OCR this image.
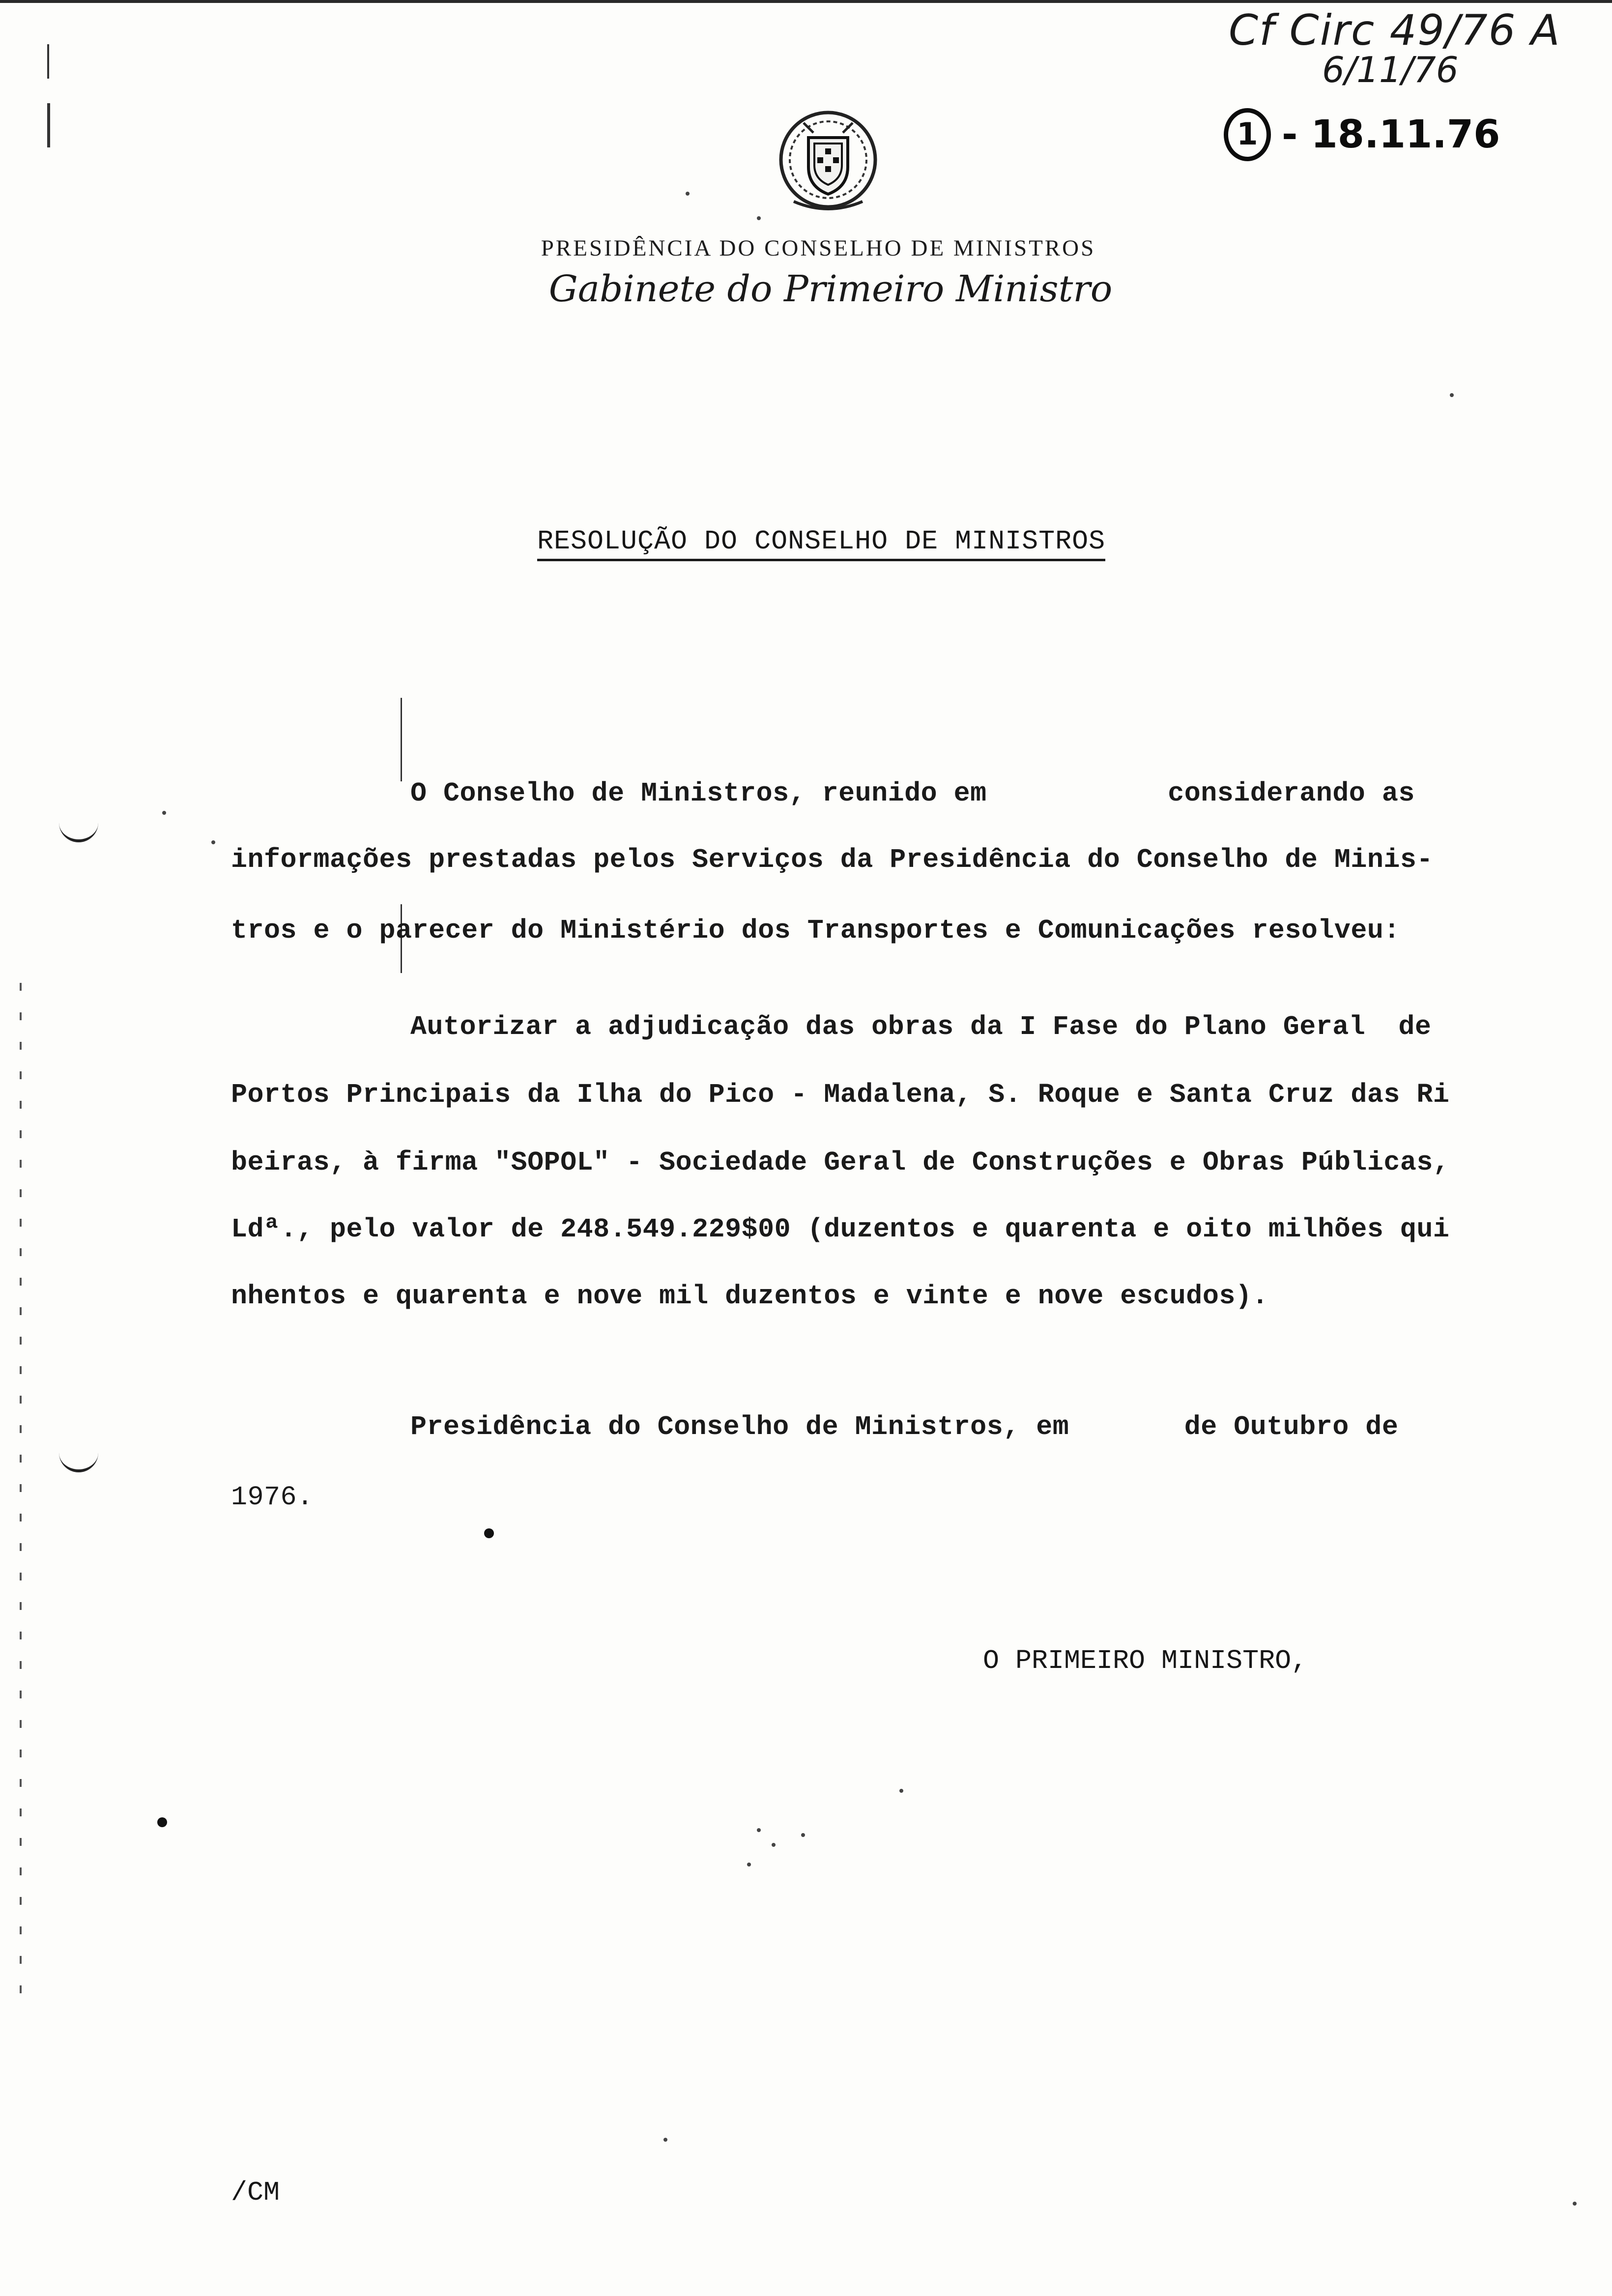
Cf Circ 49/76 A
6/11/76
1 - 18.11.76
PRESIDÊNCIA DO CONSELHO DE MINISTROS
Gabinete do Primeiro Ministro
RESOLUÇÃO DO CONSELHO DE MINISTROS
O Conselho de Ministros, reunido em           considerando as
informações prestadas pelos Serviços da Presidência do Conselho de Minis-
tros e o parecer do Ministério dos Transportes e Comunicações resolveu:
Autorizar a adjudicação das obras da I Fase do Plano Geral  de
Portos Principais da Ilha do Pico - Madalena, S. Roque e Santa Cruz das Ri
beiras, à firma "SOPOL" - Sociedade Geral de Construções e Obras Públicas,
Ldª., pelo valor de 248.549.229$00 (duzentos e quarenta e oito milhões qui
nhentos e quarenta e nove mil duzentos e vinte e nove escudos).
Presidência do Conselho de Ministros, em       de Outubro de
1976.
O PRIMEIRO MINISTRO,
/CM
